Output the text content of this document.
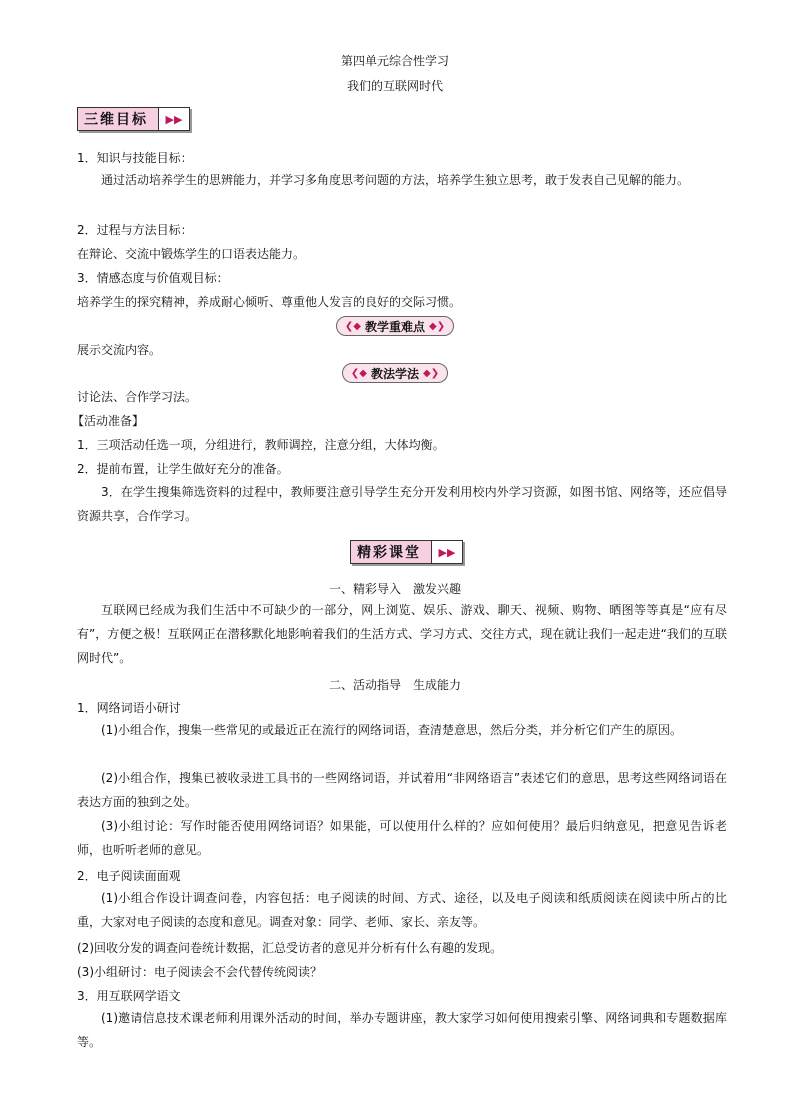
第四单元综合性学习
我们的互联网时代
三维目标	▶▶
1．知识与技能目标：
通过活动培养学生的思辨能力，并学习多角度思考问题的方法，培养学生独立思考，敢于发表自己见解的能力。
2．过程与方法目标：
在辩论、交流中锻炼学生的口语表达能力。
3．情感态度与价值观目标：
培养学生的探究精神，养成耐心倾听、尊重他人发言的良好的交际习惯。
❮◆ 教学重难点 ◆❯
展示交流内容。
❮◆ 教法学法 ◆❯
讨论法、合作学习法。
【活动准备】
1．三项活动任选一项，分组进行，教师调控，注意分组，大体均衡。
2．提前布置，让学生做好充分的准备。
3．在学生搜集筛选资料的过程中，教师要注意引导学生充分开发利用校内外学习资源，如图书馆、网络等，还应倡导资源共享，合作学习。
精彩课堂	▶▶
一、精彩导入　激发兴趣
互联网已经成为我们生活中不可缺少的一部分，网上浏览、娱乐、游戏、聊天、视频、购物、晒图等等真是“应有尽有”，方便之极！互联网正在潜移默化地影响着我们的生活方式、学习方式、交往方式，现在就让我们一起走进“我们的互联网时代”。
二、活动指导　生成能力
1．网络词语小研讨
(1)小组合作，搜集一些常见的或最近正在流行的网络词语，查清楚意思，然后分类，并分析它们产生的原因。
(2)小组合作，搜集已被收录进工具书的一些网络词语，并试着用“非网络语言”表述它们的意思，思考这些网络词语在表达方面的独到之处。
(3)小组讨论：写作时能否使用网络词语？如果能，可以使用什么样的？应如何使用？最后归纳意见，把意见告诉老师，也听听老师的意见。
2．电子阅读面面观
(1)小组合作设计调查问卷，内容包括：电子阅读的时间、方式、途径，以及电子阅读和纸质阅读在阅读中所占的比重，大家对电子阅读的态度和意见。调查对象：同学、老师、家长、亲友等。
(2)回收分发的调查问卷统计数据，汇总受访者的意见并分析有什么有趣的发现。
(3)小组研讨：电子阅读会不会代替传统阅读？
3．用互联网学语文
(1)邀请信息技术课老师利用课外活动的时间，举办专题讲座，教大家学习如何使用搜索引擎、网络词典和专题数据库等。
